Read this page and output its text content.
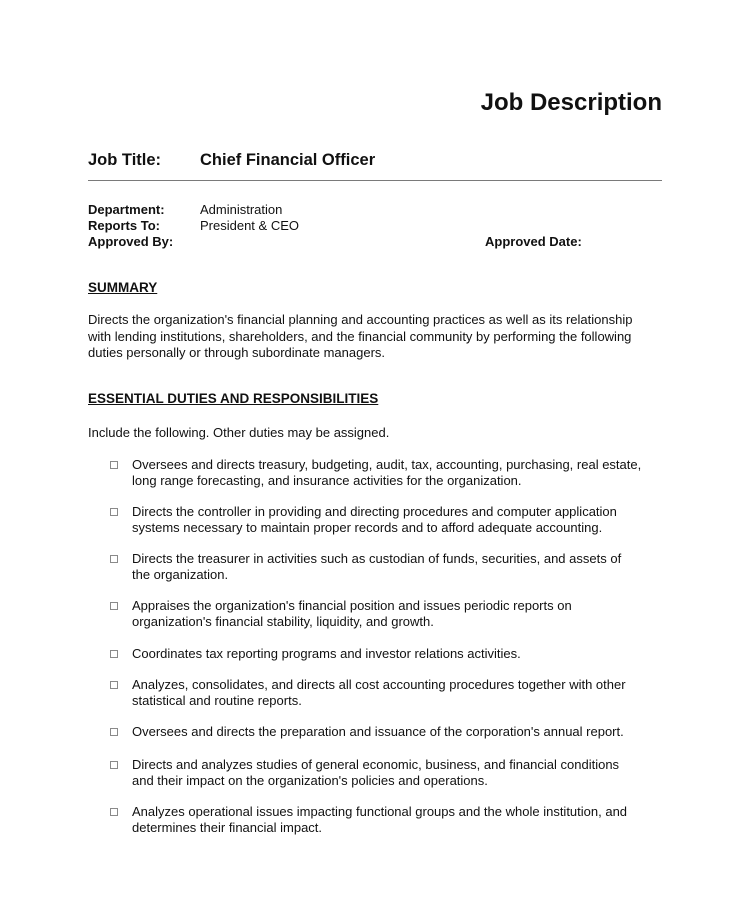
Job Description
Job Title: Chief Financial Officer
Department:	Administration
Reports To:	President & CEO
Approved By:	Approved Date:
SUMMARY
Directs the organization's financial planning and accounting practices as well as its relationship
with lending institutions, shareholders, and the financial community by performing the following
duties personally or through subordinate managers.
ESSENTIAL DUTIES AND RESPONSIBILITIES
Include the following. Other duties may be assigned.
Oversees and directs treasury, budgeting, audit, tax, accounting, purchasing, real estate,
long range forecasting, and insurance activities for the organization.
Directs the controller in providing and directing procedures and computer application
systems necessary to maintain proper records and to afford adequate accounting.
Directs the treasurer in activities such as custodian of funds, securities, and assets of
the organization.
Appraises the organization's financial position and issues periodic reports on
organization's financial stability, liquidity, and growth.
Coordinates tax reporting programs and investor relations activities.
Analyzes, consolidates, and directs all cost accounting procedures together with other
statistical and routine reports.
Oversees and directs the preparation and issuance of the corporation's annual report.
Directs and analyzes studies of general economic, business, and financial conditions
and their impact on the organization's policies and operations.
Analyzes operational issues impacting functional groups and the whole institution, and
determines their financial impact.
